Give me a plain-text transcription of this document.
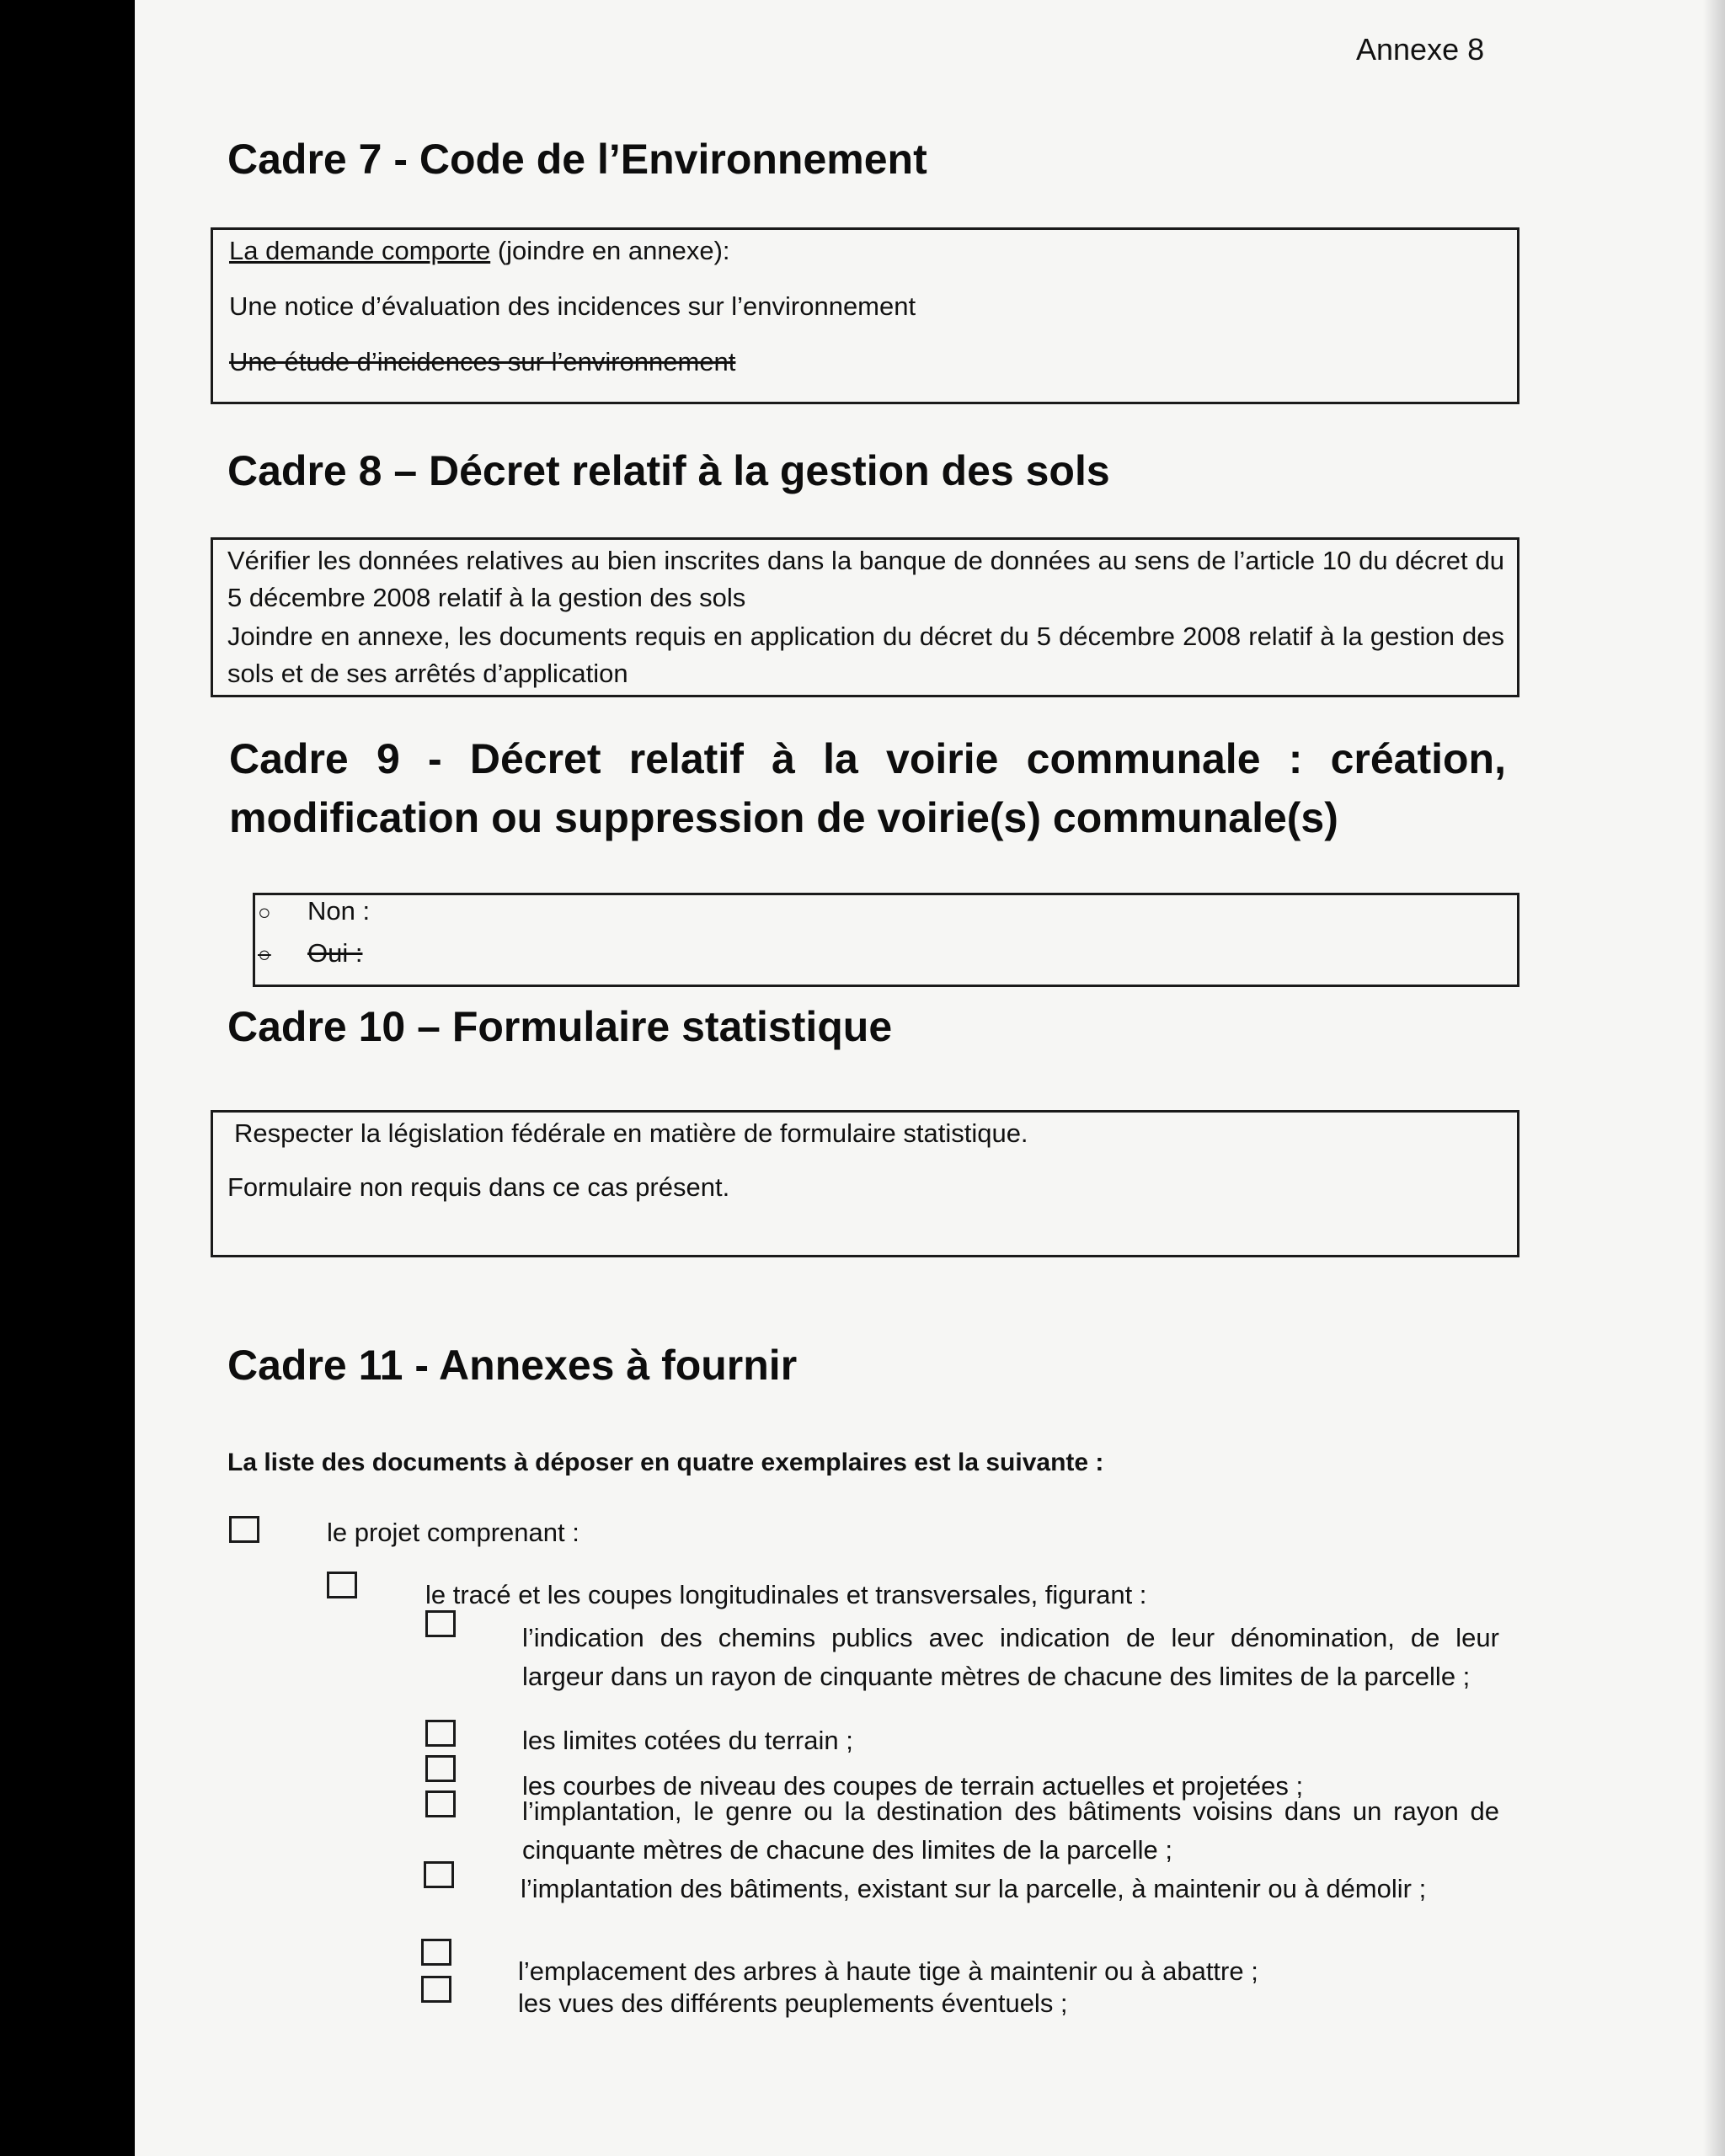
Annexe 8
Cadre 7 - Code de l’Environnement
La demande comporte (joindre en annexe):
Une notice d’évaluation des incidences sur l’environnement
Une étude d’incidences sur l’environnement
Cadre 8 – Décret relatif à la gestion des sols
Vérifier les données relatives au bien inscrites dans la banque de données au sens de l’article 10 du décret du 5 décembre 2008 relatif à la gestion des sols
Joindre en annexe, les documents requis en application du décret du 5 décembre 2008 relatif à la gestion des sols et de ses arrêtés d’application
Cadre 9 - Décret relatif à la voirie communale : création,
modification ou suppression de voirie(s) communale(s)
○ Non :
○ Oui :
Cadre 10 – Formulaire statistique
Respecter la législation fédérale en matière de formulaire statistique.
Formulaire non requis dans ce cas présent.
Cadre 11 - Annexes à fournir
La liste des documents à déposer en quatre exemplaires est la suivante :
le projet comprenant :
le tracé et les coupes longitudinales et transversales, figurant :
l’indication des chemins publics avec indication de leur dénomination, de leur largeur dans un rayon de cinquante mètres de chacune des limites de la parcelle ;
les limites cotées du terrain ;
les courbes de niveau des coupes de terrain actuelles et projetées ;
l’implantation, le genre ou la destination des bâtiments voisins dans un rayon de cinquante mètres de chacune des limites de la parcelle ;
l’implantation des bâtiments, existant sur la parcelle, à maintenir ou à démolir ;
l’emplacement des arbres à haute tige à maintenir ou à abattre ;
les vues des différents peuplements éventuels ;
